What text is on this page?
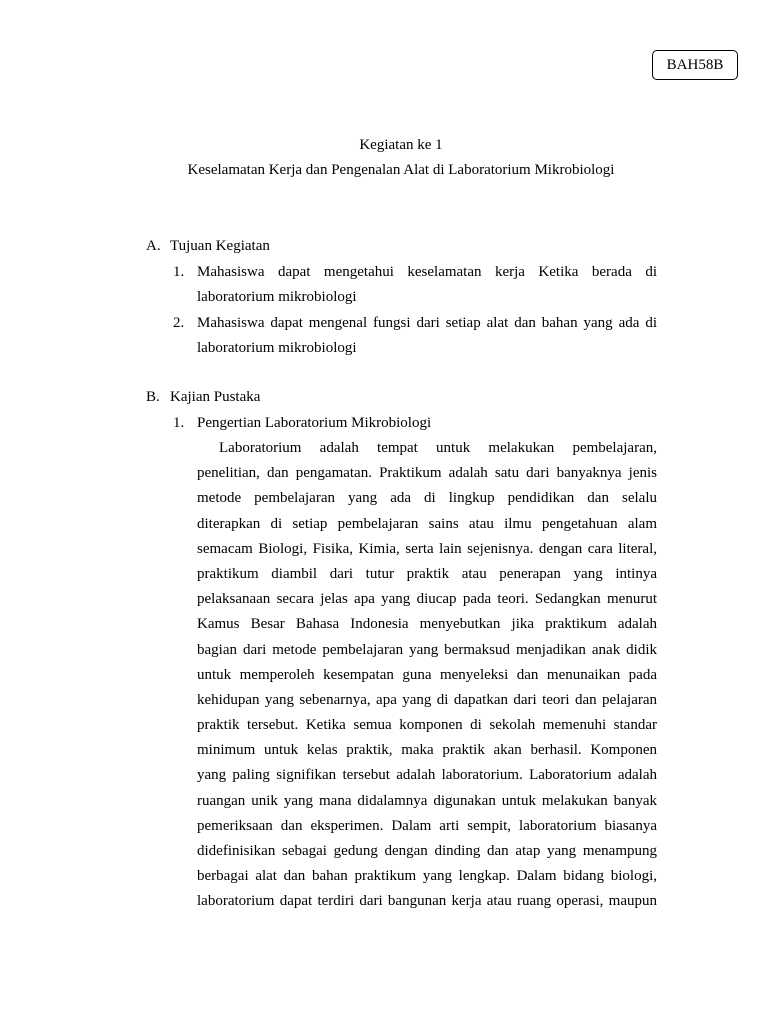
BAH58B
Kegiatan ke 1
Keselamatan Kerja dan Pengenalan Alat di Laboratorium Mikrobiologi
A. Tujuan Kegiatan
1. Mahasiswa dapat mengetahui keselamatan kerja Ketika berada di laboratorium mikrobiologi
2. Mahasiswa dapat mengenal fungsi dari setiap alat dan bahan yang ada di laboratorium mikrobiologi
B. Kajian Pustaka
1. Pengertian Laboratorium Mikrobiologi
Laboratorium adalah tempat untuk melakukan pembelajaran,
penelitian, dan pengamatan. Praktikum adalah satu dari banyaknya jenis
metode pembelajaran yang ada di lingkup pendidikan dan selalu
diterapkan di setiap pembelajaran sains atau ilmu pengetahuan alam
semacam Biologi, Fisika, Kimia, serta lain sejenisnya. dengan cara literal,
praktikum diambil dari tutur praktik atau penerapan yang intinya
pelaksanaan secara jelas apa yang diucap pada teori. Sedangkan menurut
Kamus Besar Bahasa Indonesia menyebutkan jika praktikum adalah
bagian dari metode pembelajaran yang bermaksud menjadikan anak didik
untuk memperoleh kesempatan guna menyeleksi dan menunaikan pada
kehidupan yang sebenarnya, apa yang di dapatkan dari teori dan pelajaran
praktik tersebut. Ketika semua komponen di sekolah memenuhi standar
minimum untuk kelas praktik, maka praktik akan berhasil. Komponen
yang paling signifikan tersebut adalah laboratorium. Laboratorium adalah
ruangan unik yang mana didalamnya digunakan untuk melakukan banyak
pemeriksaan dan eksperimen. Dalam arti sempit, laboratorium biasanya
didefinisikan sebagai gedung dengan dinding dan atap yang menampung
berbagai alat dan bahan praktikum yang lengkap. Dalam bidang biologi,
laboratorium dapat terdiri dari bangunan kerja atau ruang operasi, maupun
